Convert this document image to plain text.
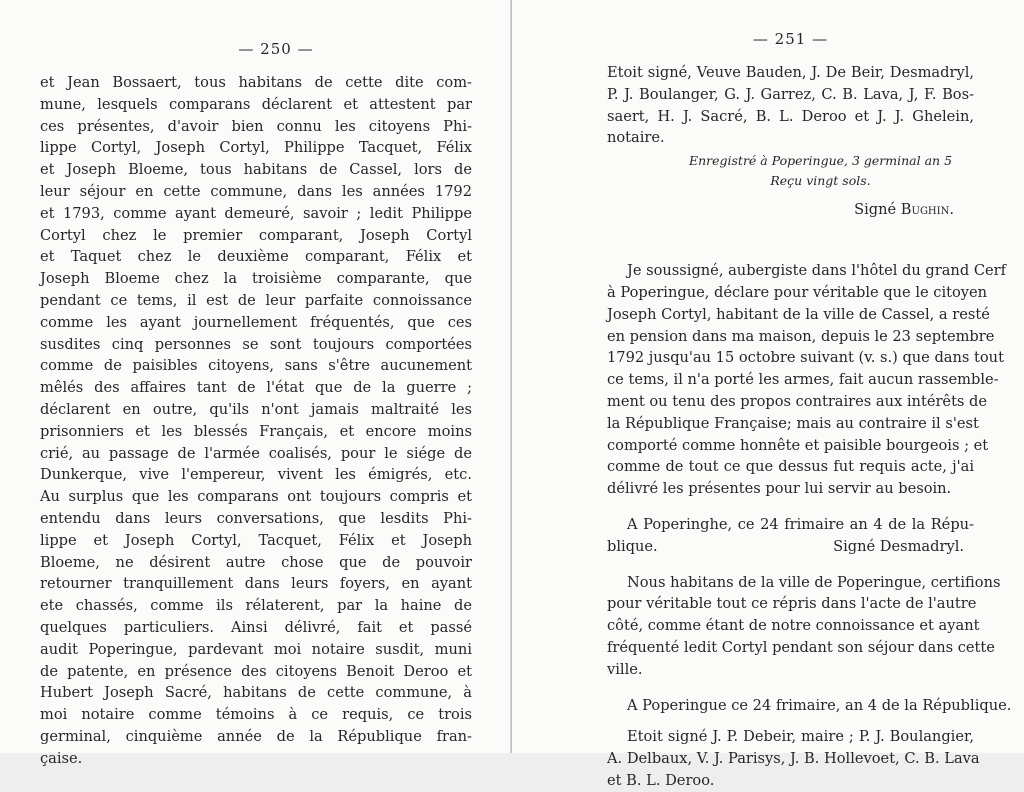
— 250 —
et Jean Bossaert, tous habitans de cette dite com-
mune, lesquels comparans déclarent et attestent par
ces présentes, d'avoir bien connu les citoyens Phi-
lippe Cortyl, Joseph Cortyl, Philippe Tacquet, Félix
et Joseph Bloeme, tous habitans de Cassel, lors de
leur séjour en cette commune, dans les années 1792
et 1793, comme ayant demeuré, savoir ; ledit Philippe
Cortyl chez le premier comparant, Joseph Cortyl
et Taquet chez le deuxième comparant, Félix et
Joseph Bloeme chez la troisième comparante, que
pendant ce tems, il est de leur parfaite connoissance
comme les ayant journellement fréquentés, que ces
susdites cinq personnes se sont toujours comportées
comme de paisibles citoyens, sans s'être aucunement
mêlés des affaires tant de l'état que de la guerre ;
déclarent en outre, qu'ils n'ont jamais maltraité les
prisonniers et les blessés Français, et encore moins
crié, au passage de l'armée coalisés, pour le siége de
Dunkerque, vive l'empereur, vivent les émigrés, etc.
Au surplus que les comparans ont toujours compris et
entendu dans leurs conversations, que lesdits Phi-
lippe et Joseph Cortyl, Tacquet, Félix et Joseph
Bloeme, ne désirent autre chose que de pouvoir
retourner tranquillement dans leurs foyers, en ayant
ete chassés, comme ils rélaterent, par la haine de
quelques particuliers. Ainsi délivré, fait et passé
audit Poperingue, pardevant moi notaire susdit, muni
de patente, en présence des citoyens Benoit Deroo et
Hubert Joseph Sacré, habitans de cette commune, à
moi notaire comme témoins à ce requis, ce trois
germinal, cinquième année de la République fran-
çaise.
— 251 —
Etoit signé, Veuve Bauden, J. De Beir, Desmadryl,
P. J. Boulanger, G. J. Garrez, C. B. Lava, J, F. Bos-
saert, H. J. Sacré, B. L. Deroo et J. J. Ghelein,
notaire.
Enregistré à Poperingue, 3 germinal an 5
Reçu vingt sols.
Signé Bughin.
Je soussigné, aubergiste dans l'hôtel du grand Cerf
à Poperingue, déclare pour véritable que le citoyen
Joseph Cortyl, habitant de la ville de Cassel, a resté
en pension dans ma maison, depuis le 23 septembre
1792 jusqu'au 15 octobre suivant (v. s.) que dans tout
ce tems, il n'a porté les armes, fait aucun rassemble-
ment ou tenu des propos contraires aux intérêts de
la République Française; mais au contraire il s'est
comporté comme honnête et paisible bourgeois ; et
comme de tout ce que dessus fut requis acte, j'ai
délivré les présentes pour lui servir au besoin.
A Poperinghe, ce 24 frimaire an 4 de la Répu-
blique.	Signé Desmadryl.
Nous habitans de la ville de Poperingue, certifions
pour véritable tout ce répris dans l'acte de l'autre
côté, comme étant de notre connoissance et ayant
fréquenté ledit Cortyl pendant son séjour dans cette
ville.
A Poperingue ce 24 frimaire, an 4 de la République.
Etoit signé J. P. Debeir, maire ; P. J. Boulangier,
A. Delbaux, V. J. Parisys, J. B. Hollevoet, C. B. Lava
et B. L. Deroo.
